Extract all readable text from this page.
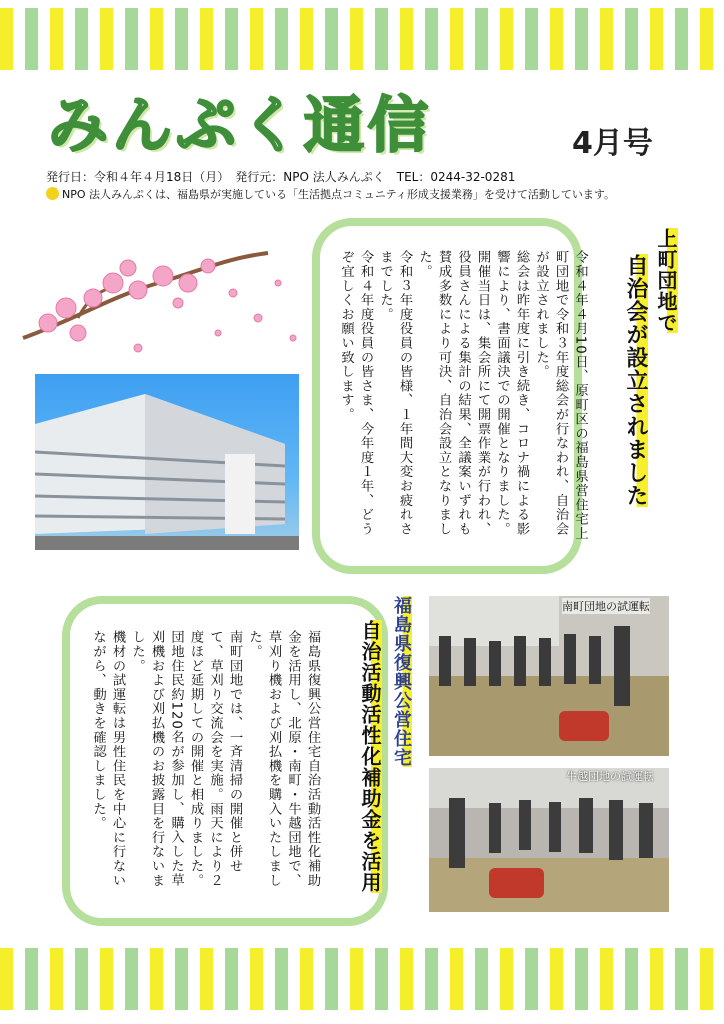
みんぷく通信	4月号
発行日：令和４年４月18日（月）　発行元：NPO 法人みんぷく　TEL：0244-32-0281
NPO 法人みんぷくは、福島県が実施している「生活拠点コミュニティ形成支援業務」を受けて活動しています。
上町団地で
自治会が設立されました

令和４年４月10日、原町区の福島県営住宅上町団地で令和３年度総会が行なわれ、自治会が設立されました。

総会は昨年度に引き続き、コロナ禍による影響により、書面議決での開催となりました。開催当日は、集会所にて開票作業が行われ、役員さんによる集計の結果、全議案いずれも賛成多数により可決、自治会設立となりました。

令和３年度役員の皆様、１年間大変お疲れさまでした。

令和４年度役員の皆さま、今年度１年、どうぞ宜しくお願い致します。

福島県復興公営住宅
自治活動活性化補助金を活用

福島県復興公営住宅自治活動活性化補助金を活用し、北原・南町・牛越団地で、草刈り機および刈払機を購入いたしました。

南町団地では、一斉清掃の開催と併せて、草刈り交流会を実施。雨天により２度ほど延期しての開催と相成りました。団地住民約120名が参加し、購入した草刈機および刈払機のお披露目を行ないました。

機材の試運転は男性住民を中心に行ないながら、動きを確認しました。

南町団地の試運転
牛越団地の試運転
